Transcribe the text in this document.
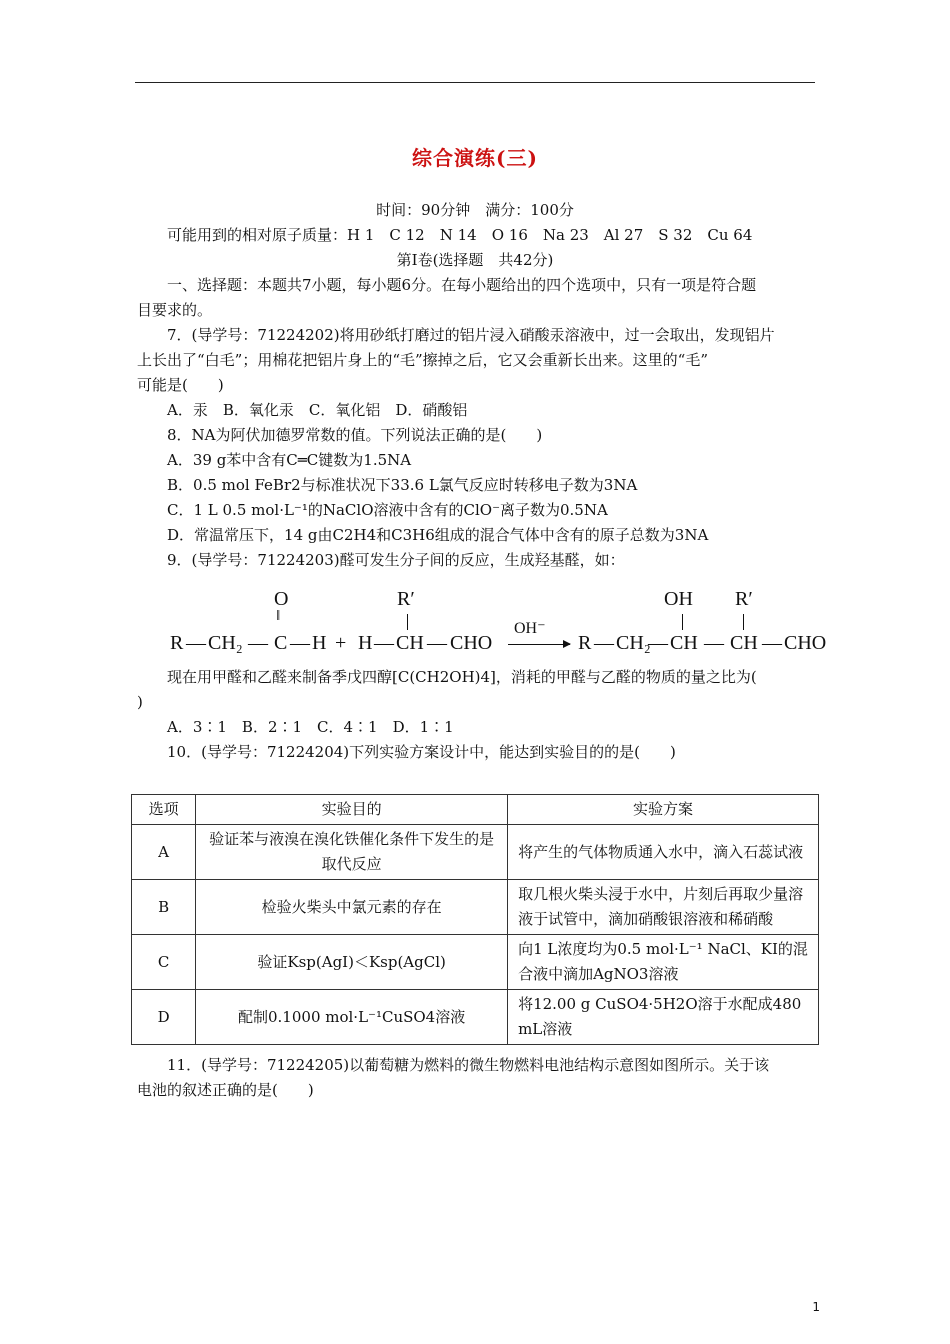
综合演练(三)
时间：90分钟　满分：100分
可能用到的相对原子质量：H 1　C 12　N 14　O 16　Na 23　Al 27　S 32　Cu 64
第Ⅰ卷(选择题　共42分)
一、选择题：本题共7小题，每小题6分。在每小题给出的四个选项中，只有一项是符合题
目要求的。
7．(导学号：71224202)将用砂纸打磨过的铝片浸入硝酸汞溶液中，过一会取出，发现铝片
上长出了“白毛”；用棉花把铝片身上的“毛”擦掉之后，它又会重新长出来。这里的“毛”
可能是(　　)
A．汞　B．氧化汞　C．氧化铝　D．硝酸铝
8．NA为阿伏加德罗常数的值。下列说法正确的是(　　)
A．39 g苯中含有C═C键数为1.5NA
B．0.5 mol FeBr2与标准状况下33.6 L氯气反应时转移电子数为3NA
C．1 L 0.5 mol·L⁻¹的NaClO溶液中含有的ClO⁻离子数为0.5NA
D．常温常压下，14 g由C2H4和C3H6组成的混合气体中含有的原子总数为3NA
9．(导学号：71224203)醛可发生分子间的反应，生成羟基醛，如：
O
‖
R′	OH R′
OH⁻
R — CH₂ — C — H + H — CH — CHO	R — CH₂
— CH — CH — CHO
现在用甲醛和乙醛来制备季戊四醇[C(CH2OH)4]，消耗的甲醛与乙醛的物质的量之比为(
)
A．3∶1　B．2∶1　C．4∶1　D．1∶1
10．(导学号：71224204)下列实验方案设计中，能达到实验目的的是(　　)
选项	实验目的	实验方案
A	验证苯与液溴在溴化铁催化条件下发生的是取代反应	将产生的气体物质通入水中，滴入石蕊试液
B	检验火柴头中氯元素的存在	取几根火柴头浸于水中，片刻后再取少量溶液于试管中，滴加硝酸银溶液和稀硝酸
C	验证Ksp(AgI)＜Ksp(AgCl)	向1 L浓度均为0.5 mol·L⁻¹ NaCl、KI的混合液中滴加AgNO3溶液
D	配制0.1000 mol·L⁻¹CuSO4溶液	将12.00 g CuSO4·5H2O溶于水配成480 mL溶液
11．(导学号：71224205)以葡萄糖为燃料的微生物燃料电池结构示意图如图所示。关于该
电池的叙述正确的是(　　)
1
